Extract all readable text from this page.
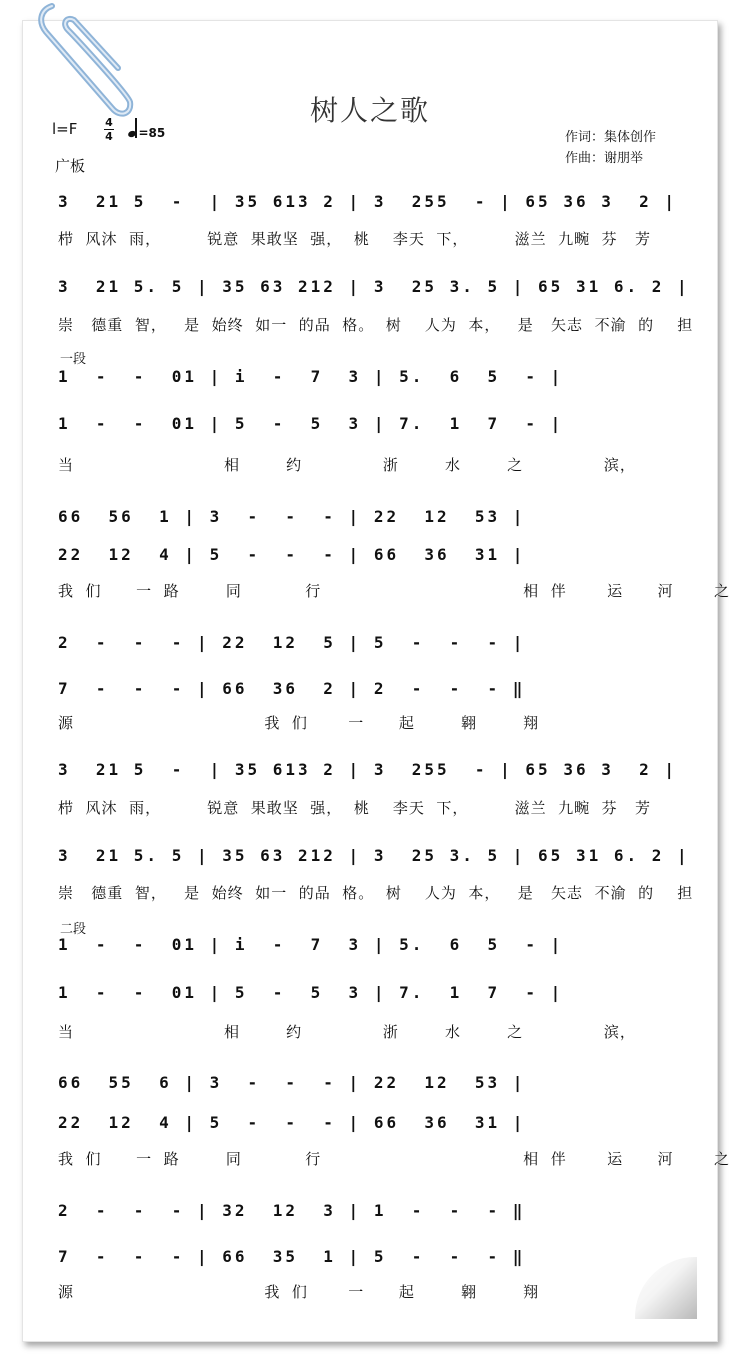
树人之歌
l=F	4
4	=85
广板
作词：集体创作
作曲：谢朋举
3  21 5  -  | 35 613 2 | 3  255  - | 65 36 3  2 |
3  21 5. 5 | 35 63 212 | 3  25 3. 5 | 65 31 6. 2 |
1  -  -  01 | i  -  7  3 | 5.  6  5  - |
1  -  -  01 | 5  -  5  3 | 7.  1  7  - |
66  56  1 | 3  -  -  - | 22  12  53 |
22  12  4 | 5  -  -  - | 66  36  31 |
2  -  -  - | 22  12  5 | 5  -  -  - |
7  -  -  - | 66  36  2 | 2  -  -  - ‖
3  21 5  -  | 35 613 2 | 3  255  - | 65 36 3  2 |
3  21 5. 5 | 35 63 212 | 3  25 3. 5 | 65 31 6. 2 |
1  -  -  01 | i  -  7  3 | 5.  6  5  - |
1  -  -  01 | 5  -  5  3 | 7.  1  7  - |
66  55  6 | 3  -  -  - | 22  12  53 |
22  12  4 | 5  -  -  - | 66  36  31 |
2  -  -  - | 32  12  3 | 1  -  -  - ‖
7  -  -  - | 66  35  1 | 5  -  -  - ‖
栉  风沐  雨，        锐意  果敢坚  强，  桃    李天  下，        滋兰  九畹  芬   芳
崇   德重  智，   是  始终  如一  的品  格。  树    人为  本，   是   矢志  不渝  的    担
当                          相        约              浙        水        之              滨，
我  们      一  路        同           行                                   相  伴       运      河       之
源                                 我  们       一      起        翱        翔
栉  风沐  雨，        锐意  果敢坚  强，  桃    李天  下，        滋兰  九畹  芬   芳
崇   德重  智，   是  始终  如一  的品  格。  树    人为  本，   是   矢志  不渝  的    担
当                          相        约              浙        水        之              滨，
我  们      一  路        同           行                                   相  伴       运      河       之
源                                 我  们       一      起        翱        翔
一段
二段
